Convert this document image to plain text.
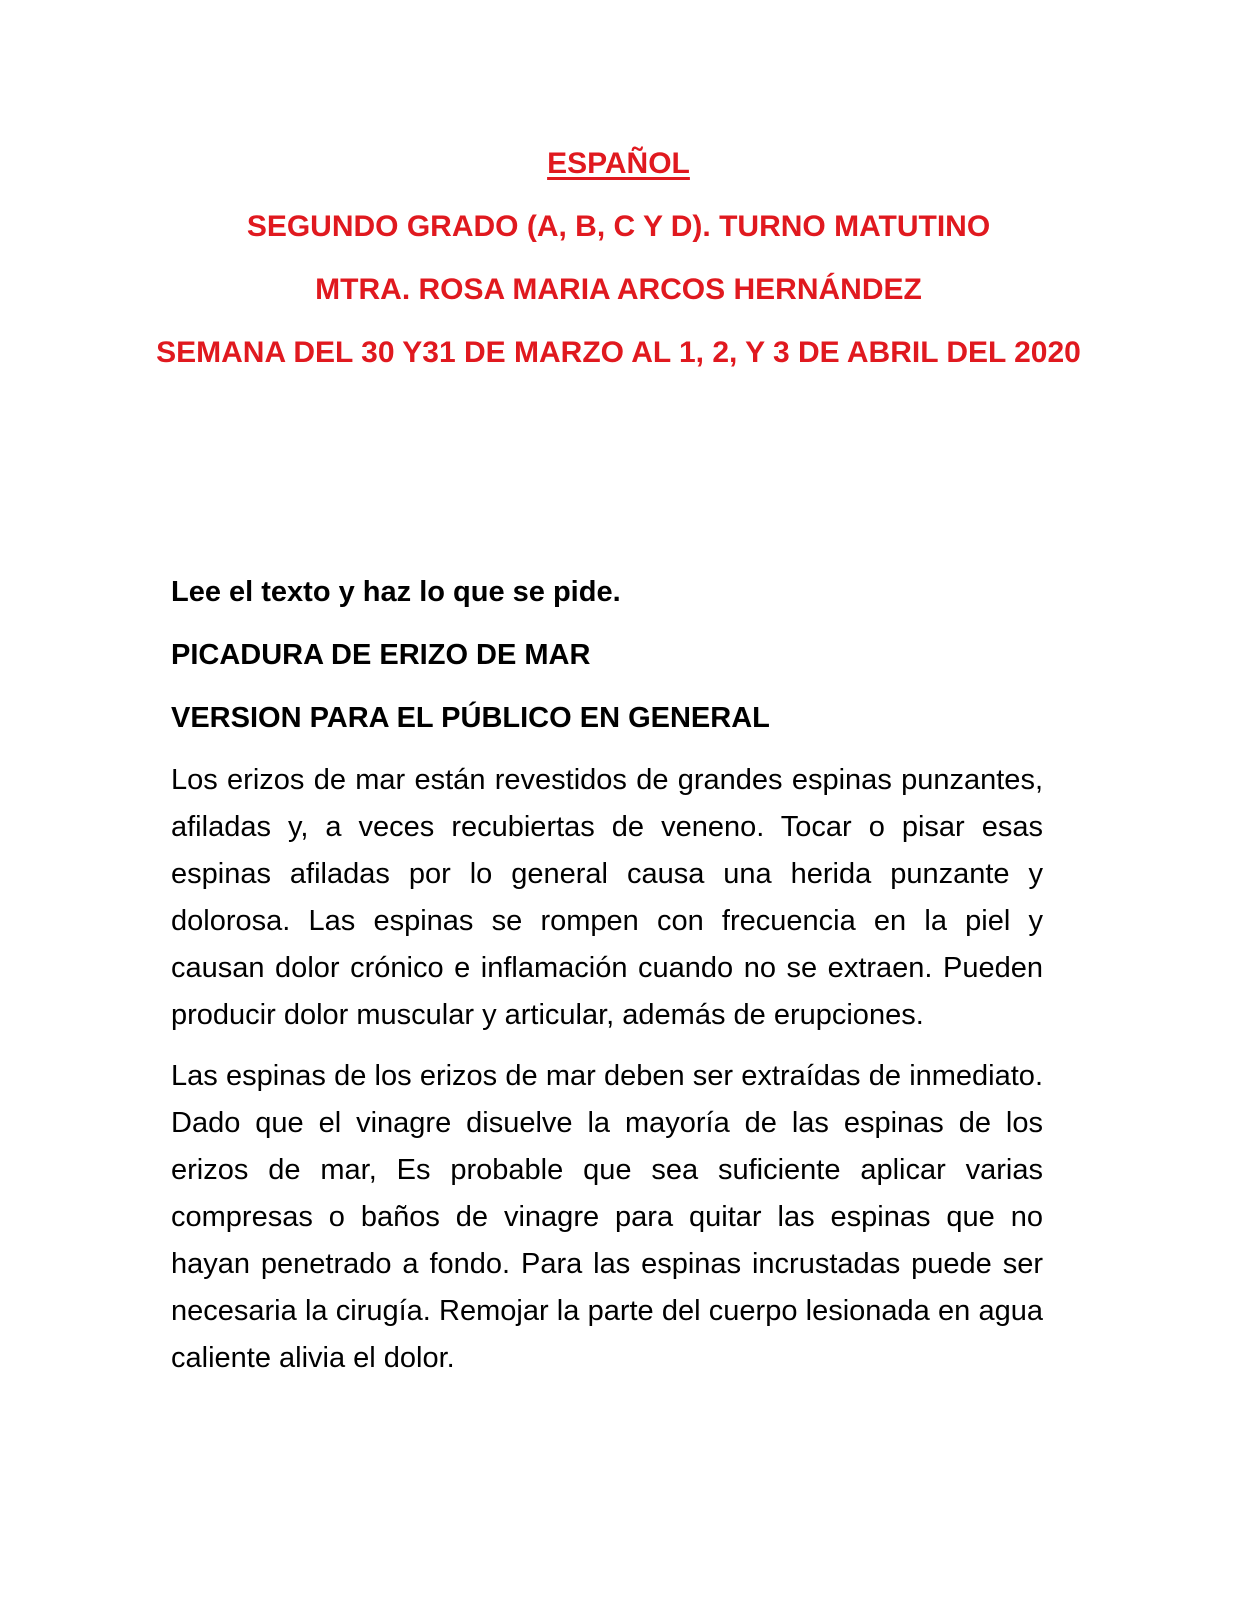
ESPAÑOL

SEGUNDO GRADO (A, B, C Y D). TURNO MATUTINO

MTRA. ROSA MARIA ARCOS HERNÁNDEZ

SEMANA DEL 30 Y31 DE MARZO AL 1, 2, Y 3 DE ABRIL DEL 2020

Lee el texto y haz lo que se pide.

PICADURA DE ERIZO DE MAR

VERSION PARA EL PÚBLICO EN GENERAL

Los erizos de mar están revestidos de grandes espinas punzantes, afiladas y, a veces recubiertas de veneno. Tocar o pisar esas espinas afiladas por lo general causa una herida punzante y dolorosa. Las espinas se rompen con frecuencia en la piel y causan dolor crónico e inflamación cuando no se extraen. Pueden producir dolor muscular y articular, además de erupciones.

Las espinas de los erizos de mar deben ser extraídas de inmediato. Dado que el vinagre disuelve la mayoría de las espinas de los erizos de mar, Es probable que sea suficiente aplicar varias compresas o baños de vinagre para quitar las espinas que no hayan penetrado a fondo. Para las espinas incrustadas puede ser necesaria la cirugía. Remojar la parte del cuerpo lesionada en agua caliente alivia el dolor.
